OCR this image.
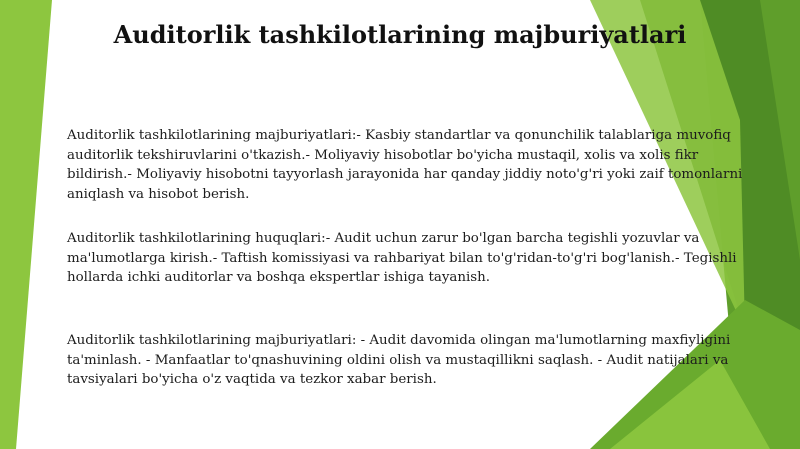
Auditorlik tashkilotlarining majburiyatlari
Auditorlik tashkilotlarining majburiyatlari:- Kasbiy standartlar va qonunchilik talablariga muvofiq auditorlik tekshiruvlarini o'tkazish.- Moliyaviy hisobotlar bo'yicha mustaqil, xolis va xolis fikr bildirish.- Moliyaviy hisobotni tayyorlash jarayonida har qanday jiddiy noto'g'ri yoki zaif tomonlarni aniqlash va hisobot berish.
Auditorlik tashkilotlarining huquqlari:- Audit uchun zarur bo'lgan barcha tegishli yozuvlar va ma'lumotlarga kirish.- Taftish komissiyasi va rahbariyat bilan to'g'ridan-to'g'ri bog'lanish.- Tegishli hollarda ichki auditorlar va boshqa ekspertlar ishiga tayanish.
Auditorlik tashkilotlarining majburiyatlari: - Audit davomida olingan ma'lumotlarning maxfiyligini ta'minlash. - Manfaatlar to'qnashuvining oldini olish va mustaqillikni saqlash. - Audit natijalari va tavsiyalari bo'yicha o'z vaqtida va tezkor xabar berish.
